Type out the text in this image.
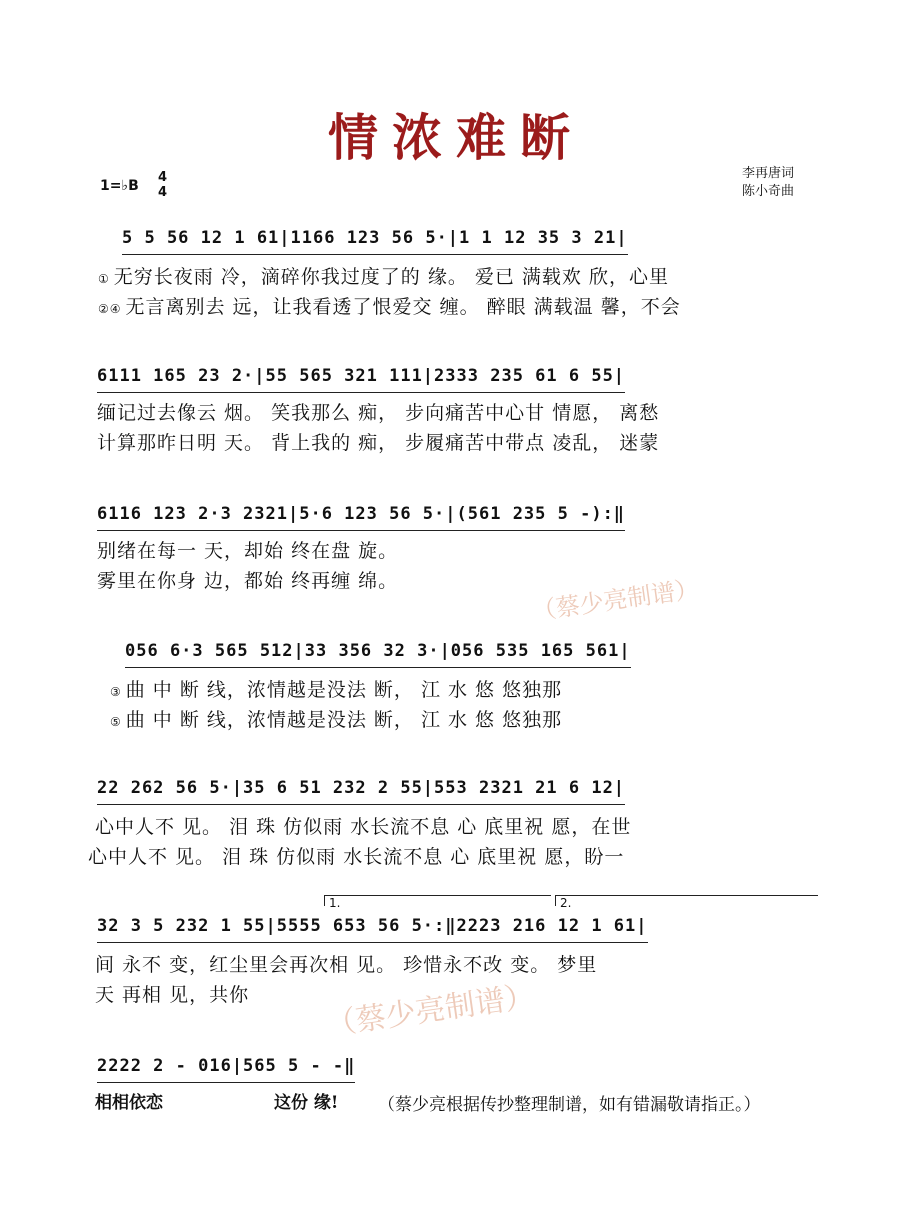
情浓难断
1=♭B
4
4
李再唐词
陈小奇曲
5 5 56 12 1 61|1166 123 56 5·|1 1 12 35 3 21|
① 无穷长夜雨 冷，滴碎你我过度了的 缘。 爱已 满载欢 欣，心里
②④ 无言离别去 远，让我看透了恨爱交 缠。 醉眼 满载温 馨，不会
6111 165 23 2·|55 565 321 111|2333 235 61 6 55|
缅记过去像云 烟。 笑我那么 痴， 步向痛苦中心甘 情愿， 离愁
计算那昨日明 天。 背上我的 痴， 步履痛苦中带点 凌乱， 迷蒙
6116 123 2·3 2321|5·6 123 56 5·|(561 235 5 -):‖
别绪在每一 天，却始 终在盘 旋。
雾里在你身 边，都始 终再缠 绵。	（蔡少亮制谱）
056 6·3 565 512|33 356 32 3·|056 535 165 561|
③ 曲 中 断 线，浓情越是没法 断， 江 水 悠 悠独那
⑤ 曲 中 断 线，浓情越是没法 断， 江 水 悠 悠独那
22 262 56 5·|35 6 51 232 2 55|553 2321 21 6 12|
心中人不 见。 泪 珠 仿似雨 水长流不息 心 底里祝 愿，在世
心中人不 见。 泪 珠 仿似雨 水长流不息 心 底里祝 愿，盼一
1.	2.
32 3 5 232 1 55|5555 653 56 5·:‖2223 216 12 1 61|
间 永不 变，红尘里会再次相 见。 珍惜永不改 变。 梦里
天 再相 见，共你 （蔡少亮制谱）
2222 2 - 016|565 5 - -‖
相相依恋	这份 缘! （蔡少亮根据传抄整理制谱，如有错漏敬请指正。）
